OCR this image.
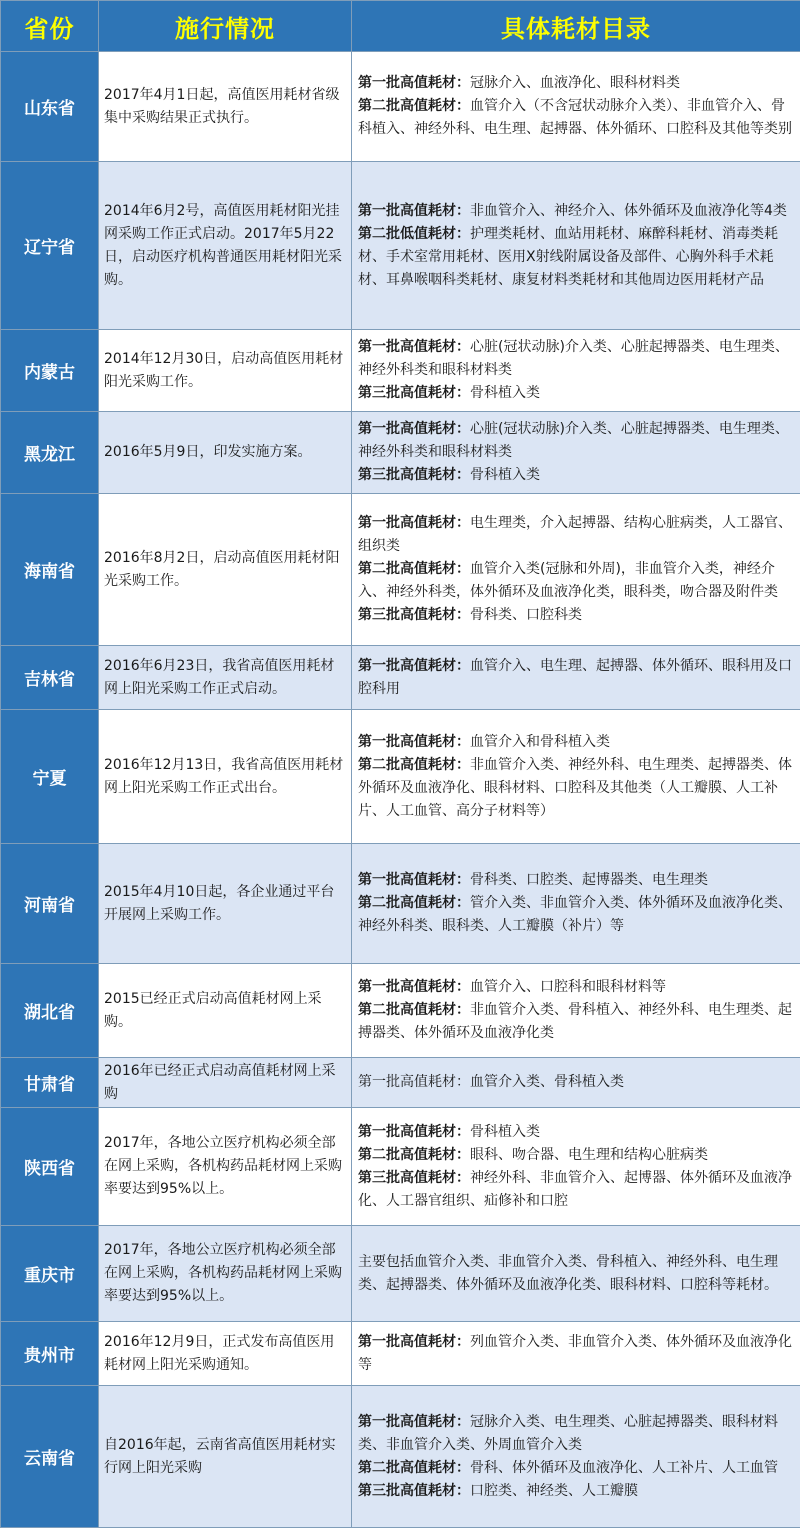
省份	施行情况	具体耗材目录
山东省	2017年4月1日起，高值医用耗材省级集中采购结果正式执行。	第一批高值耗材：冠脉介入、血液净化、眼科材料类
第二批高值耗材：血管介入（不含冠状动脉介入类）、非血管介入、骨科植入、神经外科、电生理、起搏器、体外循环、口腔科及其他等类别

辽宁省	2014年6月2号，高值医用耗材阳光挂网采购工作正式启动。2017年5月22日，启动医疗机构普通医用耗材阳光采购。	第一批高值耗材：非血管介入、神经介入、体外循环及血液净化等4类
第二批低值耗材：护理类耗材、血站用耗材、麻醉科耗材、消毒类耗材、手术室常用耗材、医用X射线附属设备及部件、心胸外科手术耗材、耳鼻喉咽科类耗材、康复材料类耗材和其他周边医用耗材产品

内蒙古	2014年12月30日，启动高值医用耗材阳光采购工作。	第一批高值耗材：心脏(冠状动脉)介入类、心脏起搏器类、电生理类、神经外科类和眼科材料类
第三批高值耗材：骨科植入类

黑龙江	2016年5月9日，印发实施方案。	第一批高值耗材：心脏(冠状动脉)介入类、心脏起搏器类、电生理类、神经外科类和眼科材料类
第三批高值耗材：骨科植入类

海南省	2016年8月2日，启动高值医用耗材阳光采购工作。	第一批高值耗材：电生理类，介入起搏器、结构心脏病类，人工器官、组织类
第二批高值耗材：血管介入类(冠脉和外周)，非血管介入类，神经介入、神经外科类，体外循环及血液净化类，眼科类，吻合器及附件类
第三批高值耗材：骨科类、口腔科类

吉林省	2016年6月23日，我省高值医用耗材网上阳光采购工作正式启动。	第一批高值耗材：血管介入、电生理、起搏器、体外循环、眼科用及口腔科用

宁夏	2016年12月13日，我省高值医用耗材网上阳光采购工作正式出台。	第一批高值耗材：血管介入和骨科植入类
第二批高值耗材：非血管介入类、神经外科、电生理类、起搏器类、体外循环及血液净化、眼科材料、口腔科及其他类（人工瓣膜、人工补片、人工血管、高分子材料等）

河南省	2015年4月10日起，各企业通过平台开展网上采购工作。	第一批高值耗材：骨科类、口腔类、起博器类、电生理类
第二批高值耗材：管介入类、非血管介入类、体外循环及血液净化类、神经外科类、眼科类、人工瓣膜（补片）等

湖北省	2015已经正式启动高值耗材网上采购。	第一批高值耗材：血管介入、口腔科和眼科材料等
第二批高值耗材：非血管介入类、骨科植入、神经外科、电生理类、起搏器类、体外循环及血液净化类

甘肃省	2016年已经正式启动高值耗材网上采购	第一批高值耗材：血管介入类、骨科植入类

陕西省	2017年，各地公立医疗机构必须全部在网上采购，各机构药品耗材网上采购率要达到95%以上。	第一批高值耗材：骨科植入类
第二批高值耗材：眼科、吻合器、电生理和结构心脏病类
第三批高值耗材：神经外科、非血管介入、起博器、体外循环及血液净化、人工器官组织、疝修补和口腔

重庆市	2017年，各地公立医疗机构必须全部在网上采购，各机构药品耗材网上采购率要达到95%以上。	主要包括血管介入类、非血管介入类、骨科植入、神经外科、电生理类、起搏器类、体外循环及血液净化类、眼科材料、口腔科等耗材。

贵州市	2016年12月9日，正式发布高值医用耗材网上阳光采购通知。	第一批高值耗材：列血管介入类、非血管介入类、体外循环及血液净化等

云南省	自2016年起，云南省高值医用耗材实行网上阳光采购	第一批高值耗材：冠脉介入类、电生理类、心脏起搏器类、眼科材料类、非血管介入类、外周血管介入类
第二批高值耗材：骨科、体外循环及血液净化、人工补片、人工血管
第三批高值耗材：口腔类、神经类、人工瓣膜
